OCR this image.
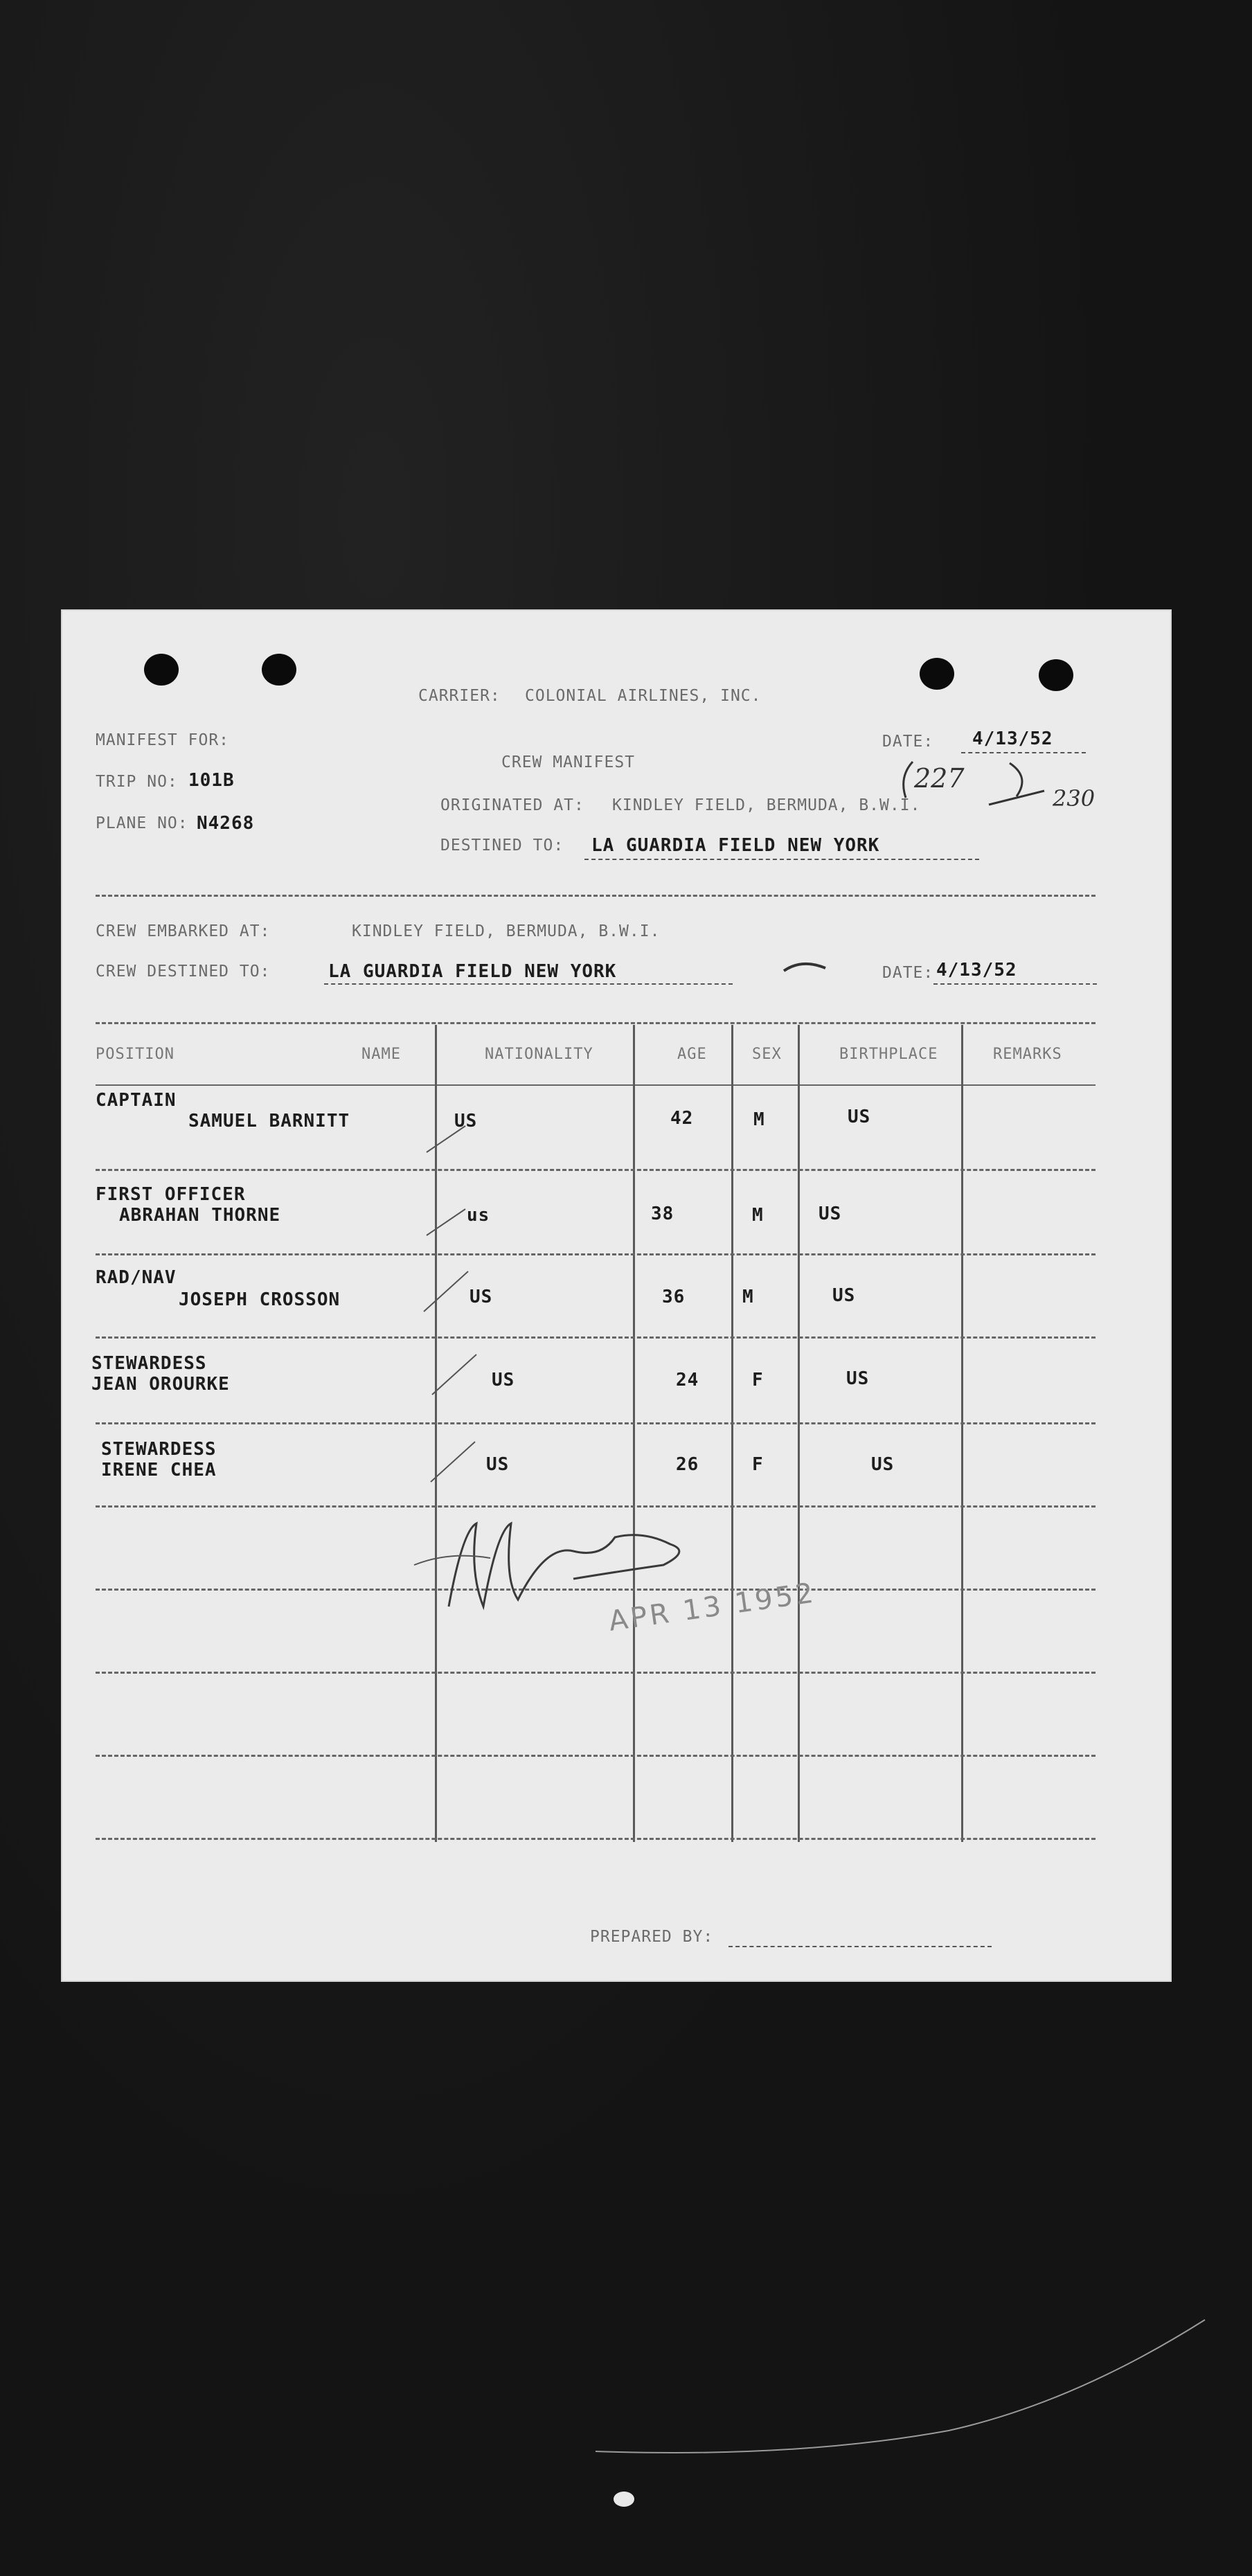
CARRIER: COLONIAL AIRLINES, INC.
MANIFEST FOR:	DATE: 4/13/52
CREW MANIFEST
TRIP NO: 101B
ORIGINATED AT: KINDLEY FIELD, BERMUDA, B.W.I.
227
230
PLANE NO: N4268
DESTINED TO: LA GUARDIA FIELD NEW YORK
CREW EMBARKED AT:	KINDLEY FIELD, BERMUDA, B.W.I.
CREW DESTINED TO:	LA GUARDIA FIELD NEW YORK	DATE: 4/13/52
POSITION	NAME	NATIONALITY	AGE	SEX	BIRTHPLACE	REMARKS
CAPTAIN
SAMUEL BARNITT	US	42	M	US
FIRST OFFICER
ABRAHAN THORNE	us	38	M	US
RAD/NAV
JOSEPH CROSSON	US	36	M	US
STEWARDESS
JEAN OROURKE	US	24	F	US
STEWARDESS
IRENE CHEA	US	26	F	US
APR 13 1952
PREPARED BY:
